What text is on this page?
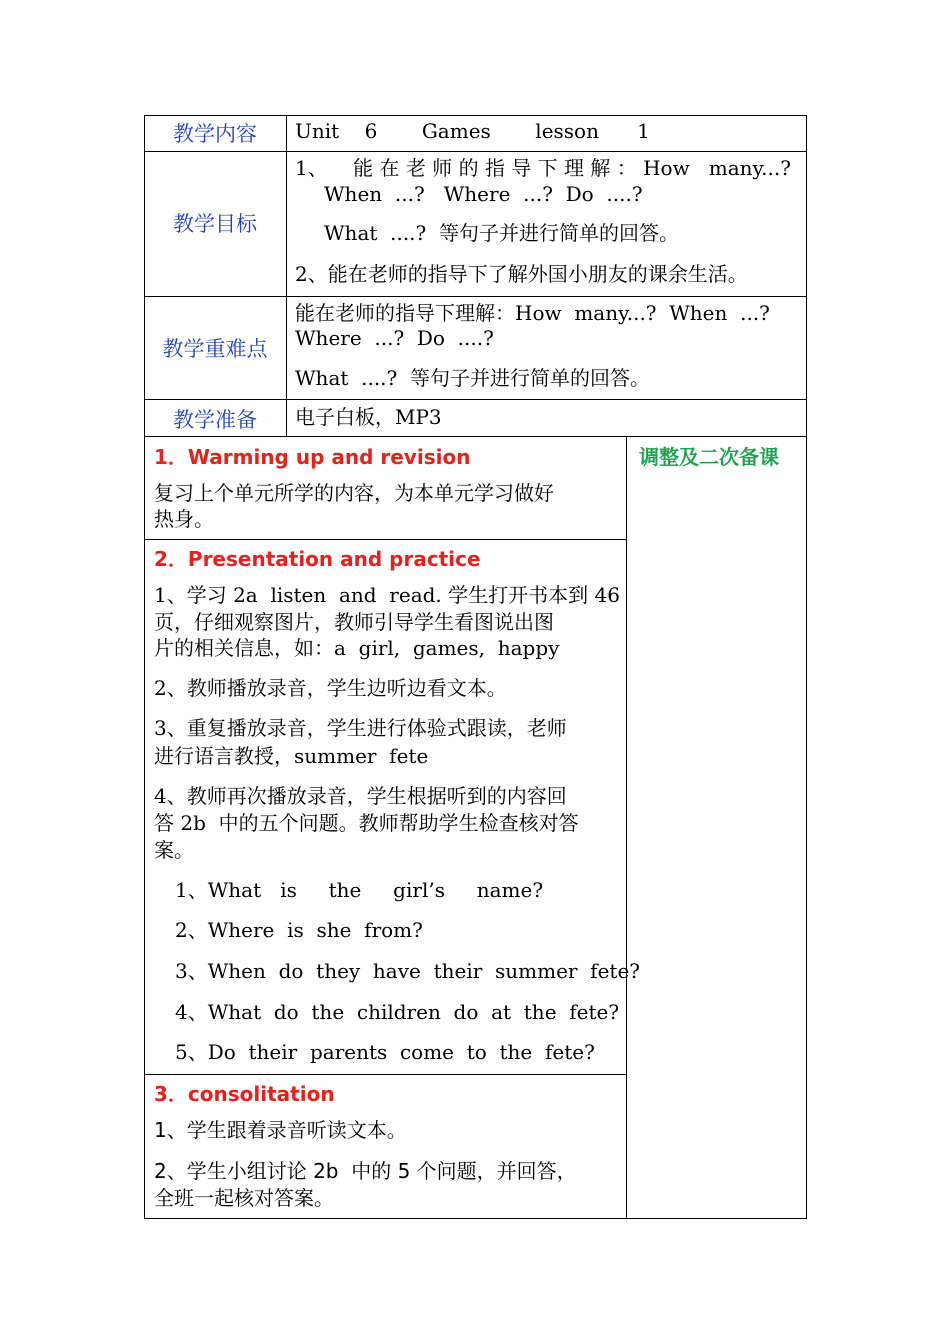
教学内容	Unit    6       Games       lesson      1
教学目标
1、    能 在 老 师 的 指 导 下 理 解 ： How   many...?
When  ...?   Where  ...?  Do  ....?
What  ....?  等句子并进行简单的回答。
2、能在老师的指导下了解外国小朋友的课余生活。
教学重难点
能在老师的指导下理解：How  many...?  When  ...?
Where  ...?  Do  ....?
What  ....?  等句子并进行简单的回答。
教学准备	电子白板，MP3
调整及二次备课
1．Warming up and revision
复习上个单元所学的内容，为本单元学习做好
热身。
2．Presentation and practice
1、学习 2a  listen  and  read. 学生打开书本到 46
页，仔细观察图片，教师引导学生看图说出图
片的相关信息，如：a  girl,  games,  happy
2、教师播放录音，学生边听边看文本。
3、重复播放录音，学生进行体验式跟读，老师
进行语言教授，summer  fete
4、教师再次播放录音，学生根据听到的内容回
答 2b  中的五个问题。教师帮助学生检查核对答
案。
1、What   is     the     girl’s     name?
2、Where  is  she  from?
3、When  do  they  have  their  summer  fete?
4、What  do  the  children  do  at  the  fete?
5、Do  their  parents  come  to  the  fete?
3．consolitation
1、学生跟着录音听读文本。
2、学生小组讨论 2b  中的 5 个问题，并回答，
全班一起核对答案。
